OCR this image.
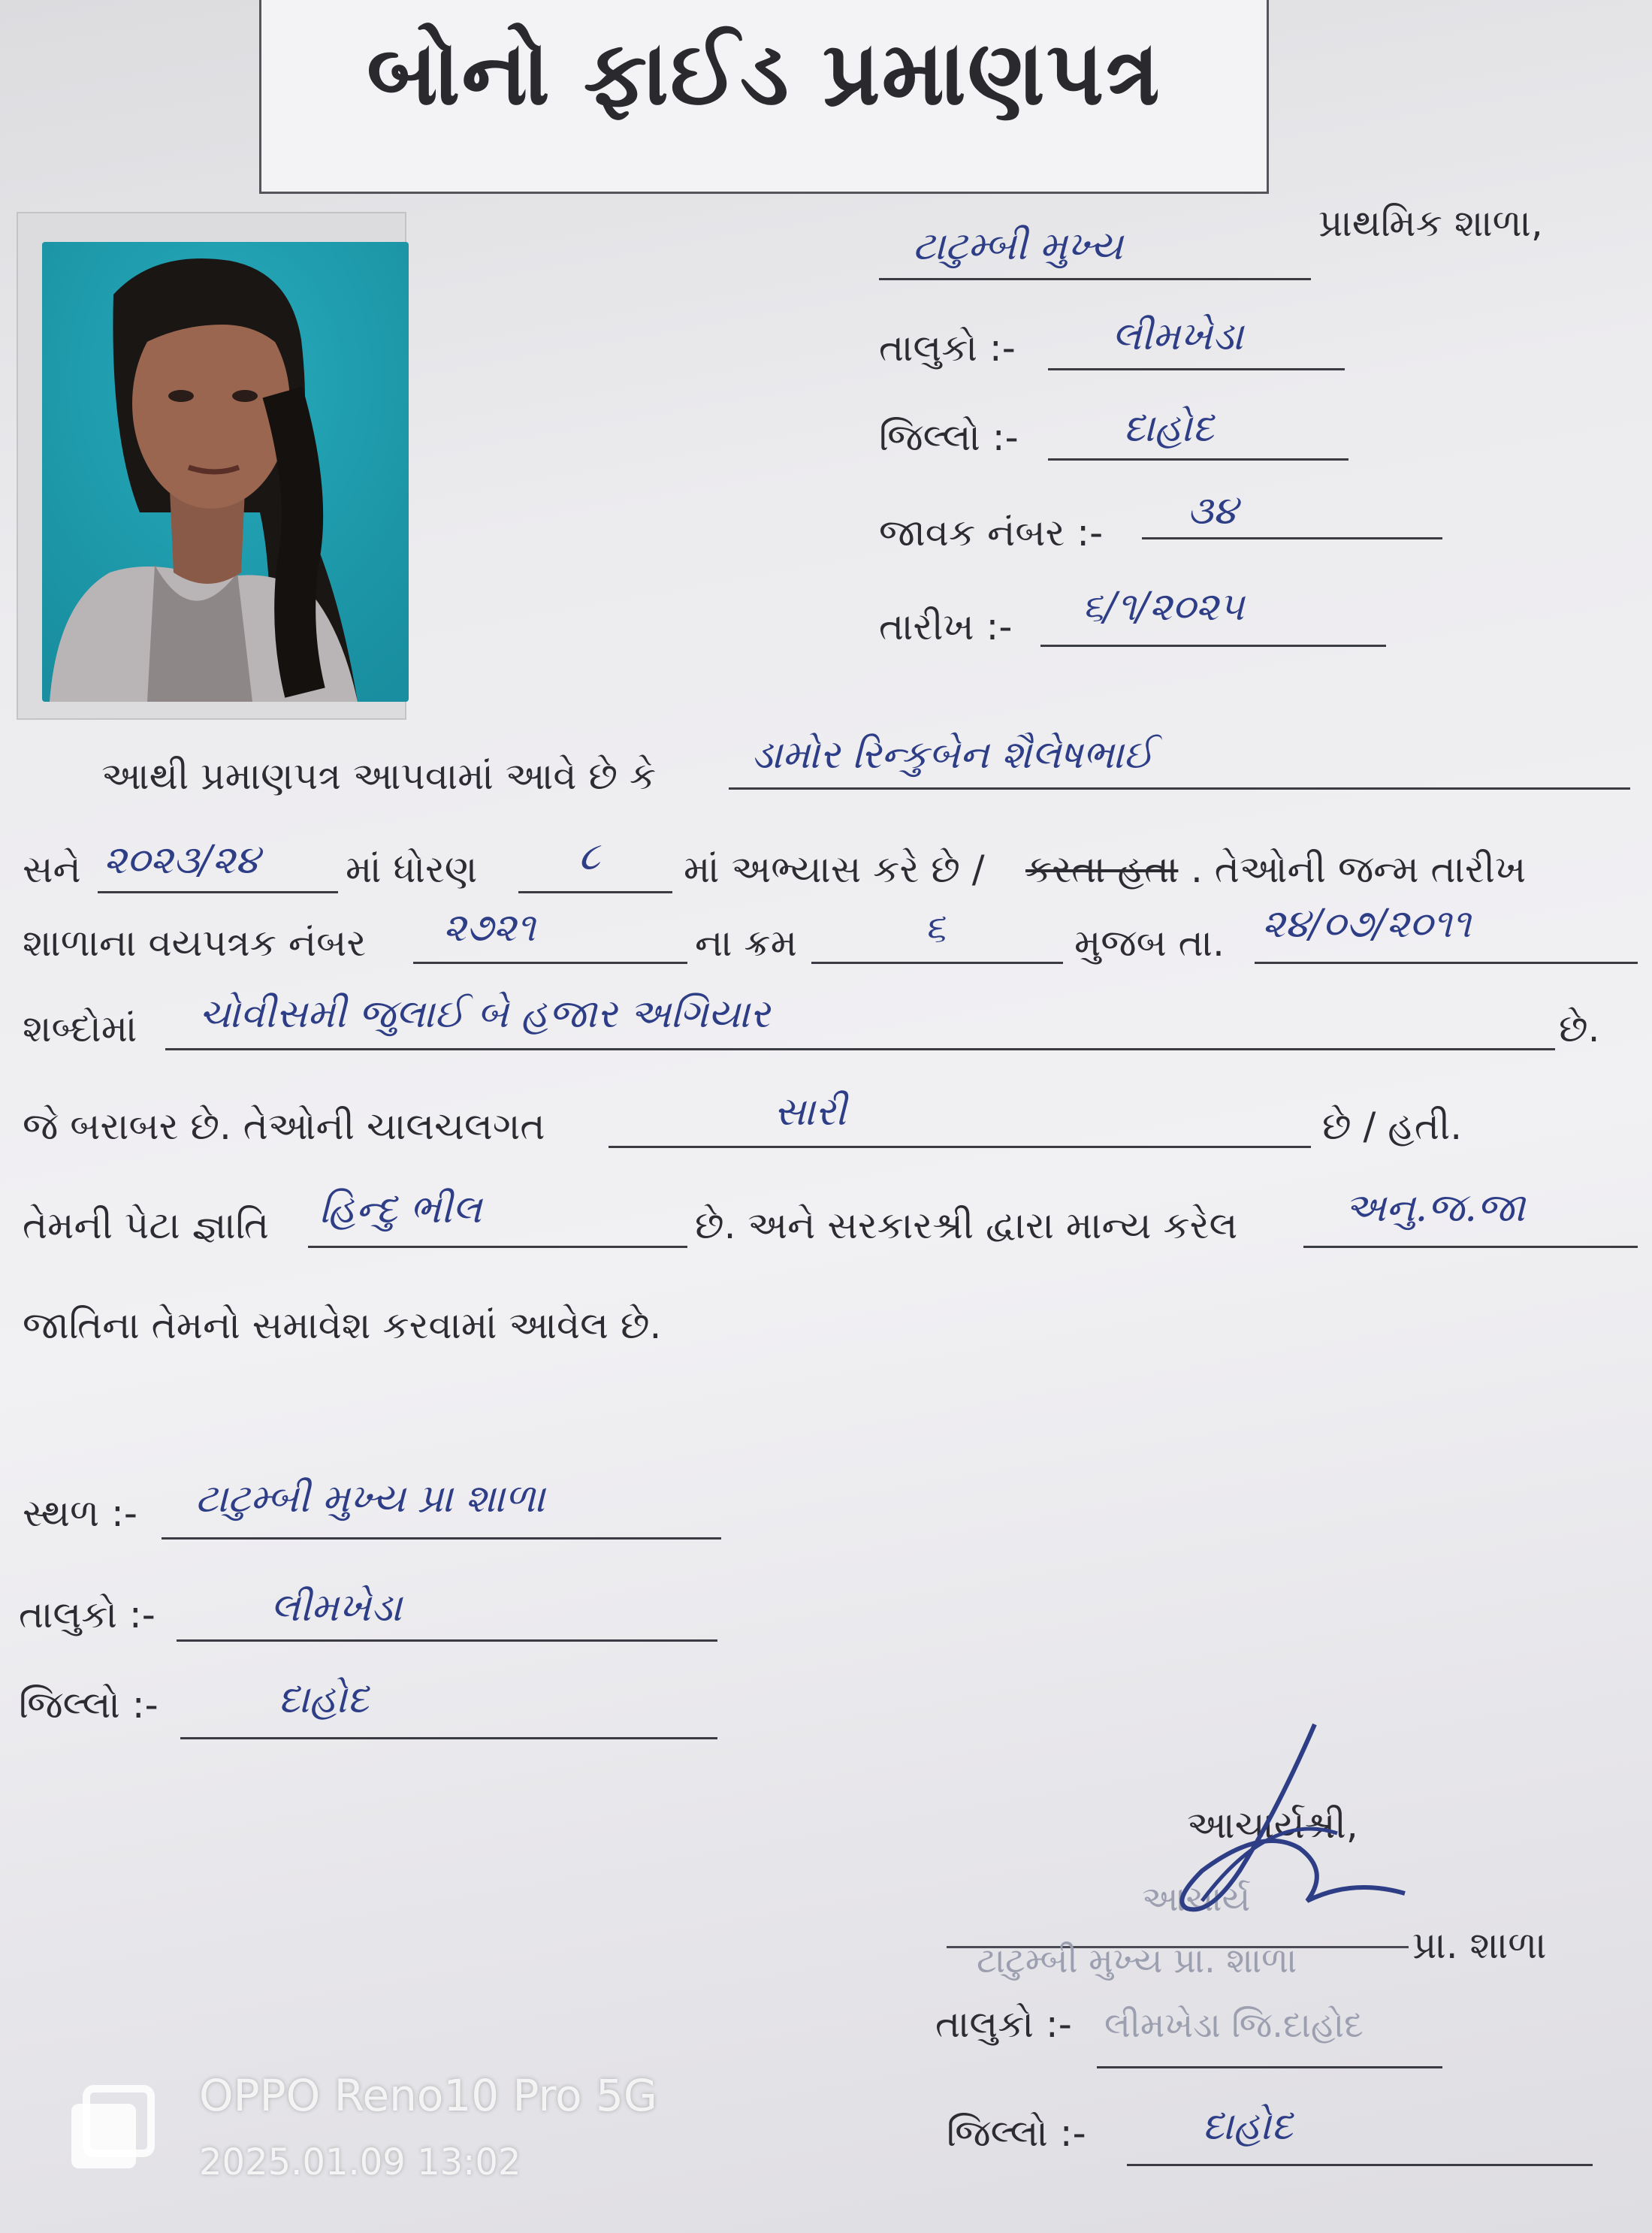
બોનો ફાઈડ પ્રમાણપત્ર
ટાટુમ્બી મુખ્ય
પ્રાથમિક શાળા,
તાલુકો :- લીમખેડા
જિલ્લો :-	દાહોદ
જાવક નંબર :- ૩૪
તારીખ :- ૬/૧/૨૦૨૫
આથી પ્રમાણપત્ર આપવામાં આવે છે કે ડામોર રિન્કુબેન શૈલેષભાઈ
સને ૨૦૨૩/૨૪ માં ધોરણ	૮ માં અભ્યાસ કરે છે / કરતા હતા . તેઓની જન્મ તારીખ
શાળાના વયપત્રક નંબર ૨૭૨૧	ના ક્રમ	૬	મુજબ તા. ૨૪/૦૭/૨૦૧૧
શબ્દોમાં ચોવીસમી જુલાઈ બે હજાર અગિયાર	છે.
જે બરાબર છે. તેઓની ચાલચલગત	સારી	છે / હતી.
તેમની પેટા જ્ઞાતિ હિન્દુ ભીલ	છે. અને સરકારશ્રી દ્વારા માન્ય કરેલ	અનુ.જ.જા
જાતિના તેમનો સમાવેશ કરવામાં આવેલ છે.
સ્થળ :- ટાટુમ્બી મુખ્ય પ્રા શાળા
તાલુકો :-	લીમખેડા
જિલ્લો :-	દાહોદ
આચાર્ય
આચાર્યશ્રી,
ટાટુમ્બી મુખ્ય પ્રા. શાળા	પ્રા. શાળા
તાલુકો :- લીમખેડા જિ.દાહોદ
જિલ્લો :-	દાહોદ
OPPO Reno10 Pro 5G
2025.01.09 13:02
